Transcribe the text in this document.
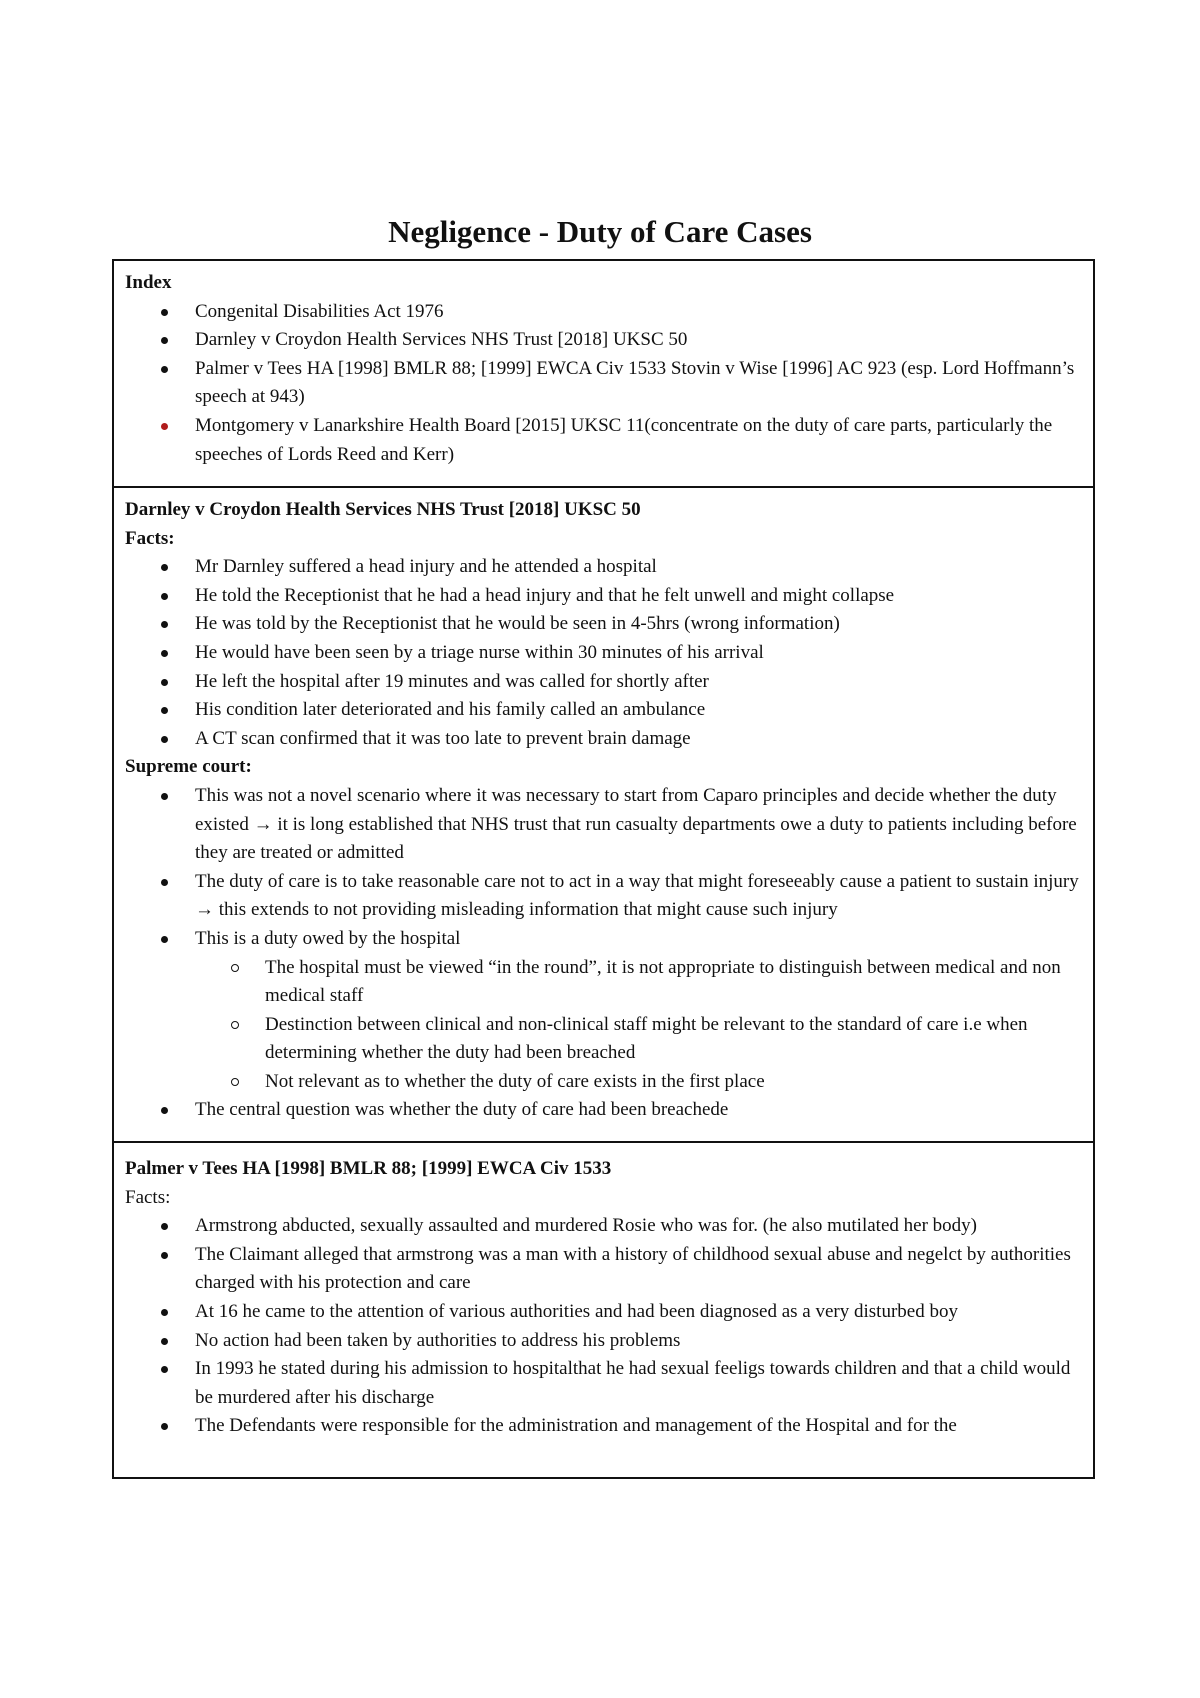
Negligence - Duty of Care Cases
Index
Congenital Disabilities Act 1976
Darnley v Croydon Health Services NHS Trust [2018] UKSC 50
Palmer v Tees HA [1998] BMLR 88; [1999] EWCA Civ 1533 Stovin v Wise [1996] AC 923 (esp. Lord Hoffmann’s speech at 943)
Montgomery v Lanarkshire Health Board [2015] UKSC 11(concentrate on the duty of care parts, particularly the speeches of Lords Reed and Kerr)
Darnley v Croydon Health Services NHS Trust [2018] UKSC 50
Facts:
Mr Darnley suffered a head injury and he attended a hospital
He told the Receptionist that he had a head injury and that he felt unwell and might collapse
He was told by the Receptionist that he would be seen in 4-5hrs (wrong information)
He would have been seen by a triage nurse within 30 minutes of his arrival
He left the hospital after 19 minutes and was called for shortly after
His condition later deteriorated and his family called an ambulance
A CT scan confirmed that it was too late to prevent brain damage
Supreme court:
This was not a novel scenario where it was necessary to start from Caparo principles and decide whether the duty existed → it is long established that NHS trust that run casualty departments owe a duty to patients including before they are treated or admitted
The duty of care is to take reasonable care not to act in a way that might foreseeably cause a patient to sustain injury → this extends to not providing misleading information that might cause such injury
This is a duty owed by the hospital
The hospital must be viewed “in the round”, it is not appropriate to distinguish between medical and non medical staff
Destinction between clinical and non-clinical staff might be relevant to the standard of care i.e when determining whether the duty had been breached
Not relevant as to whether the duty of care exists in the first place
The central question was whether the duty of care had been breachede
Palmer v Tees HA [1998] BMLR 88; [1999] EWCA Civ 1533
Facts:
Armstrong abducted, sexually assaulted and murdered Rosie who was for. (he also mutilated her body)
The Claimant alleged that armstrong was a man with a history of childhood sexual abuse and negelct by authorities charged with his protection and care
At 16 he came to the attention of various authorities and had been diagnosed as a very disturbed boy
No action had been taken by authorities to address his problems
In 1993 he stated during his admission to hospitalthat he had sexual feeligs towards children and that a child would be murdered after his discharge
The Defendants were responsible for the administration and management of the Hospital and for the
